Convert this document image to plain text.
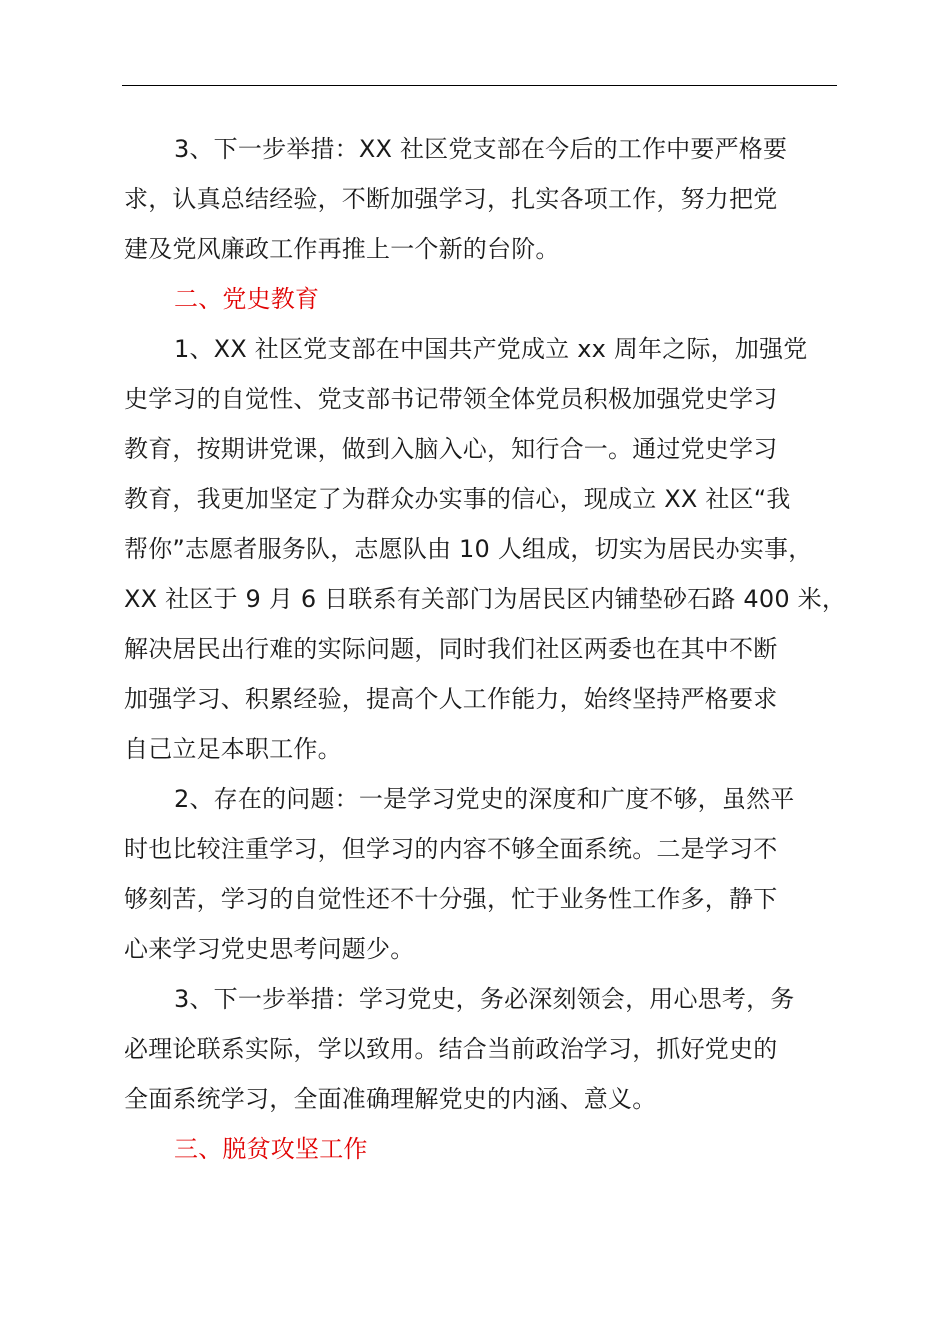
3、下一步举措：XX 社区党支部在今后的工作中要严格要
求，认真总结经验，不断加强学习，扎实各项工作，努力把党
建及党风廉政工作再推上一个新的台阶。
二、党史教育
1、XX 社区党支部在中国共产党成立 xx 周年之际，加强党
史学习的自觉性、党支部书记带领全体党员积极加强党史学习
教育，按期讲党课，做到入脑入心，知行合一。通过党史学习
教育，我更加坚定了为群众办实事的信心，现成立 XX 社区“我
帮你”志愿者服务队，志愿队由 10 人组成，切实为居民办实事，
XX 社区于 9 月 6 日联系有关部门为居民区内铺垫砂石路 400 米，
解决居民出行难的实际问题，同时我们社区两委也在其中不断
加强学习、积累经验，提高个人工作能力，始终坚持严格要求
自己立足本职工作。
2、存在的问题：一是学习党史的深度和广度不够，虽然平
时也比较注重学习，但学习的内容不够全面系统。二是学习不
够刻苦，学习的自觉性还不十分强，忙于业务性工作多，静下
心来学习党史思考问题少。
3、下一步举措：学习党史，务必深刻领会，用心思考，务
必理论联系实际，学以致用。结合当前政治学习，抓好党史的
全面系统学习，全面准确理解党史的内涵、意义。
三、脱贫攻坚工作
